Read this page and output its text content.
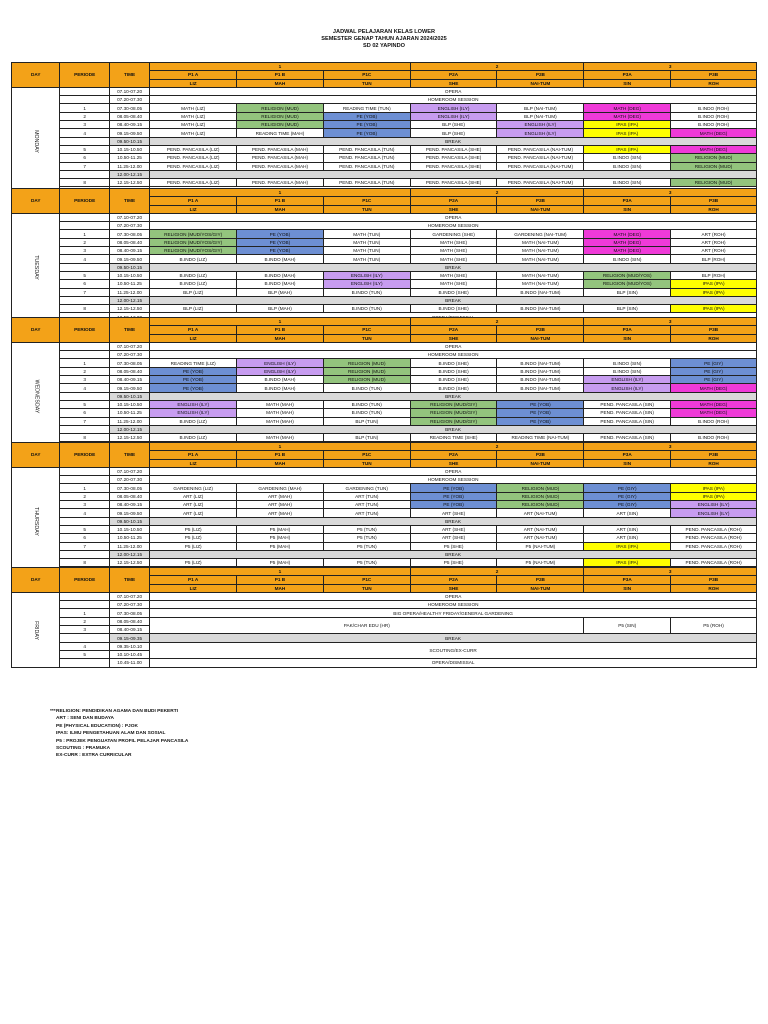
JADWAL PELAJARAN KELAS LOWER
SEMESTER GENAP TAHUN AJARAN 2024/2025
SD 02 YAPINDO
DAY	PERIODE	TIME	1			2		3	
			P1 A	P1 B	P1C	P2A	P2B	P3A	P3B
			LIZ	MAH	TUN	SHE	NAI-TUM	SIN	ROH
MONDAY		07.10-07.20	OPERA						
		07.20-07.30	HOMEROOM SESSION						
	1	07.30-08.05	MATH (LIZ)	RELIGION (MUD)	READING TIME (TUN)	ENGLISH (ILY)	BLP (NAI-TUM)	MATH (DEG)	B.INDO (ROH)
	2	08.05-08.40	MATH (LIZ)	RELIGION (MUD)	PE (YOB)	ENGLISH (ILY)	BLP (NAI-TUM)	MATH (DEG)	B.INDO (ROH)
	3	08.40-09.15	MATH (LIZ)	RELIGION (MUD)	PE (YOB)	BLP (SHE)	ENGLISH (ILY)	IPAS (IPA)	B.INDO (ROH)
	4	09.15-09.50	MATH (LIZ)	READING TIME (MAH)	PE (YOB)	BLP (SHE)	ENGLISH (ILY)	IPAS (IPA)	MATH (DEG)
		09.50-10.15	BREAK						
	5	10.15-10.50	PEND. PANCASILA (LIZ)	PEND. PANCASILA (MAH)	PEND. PANCASILA (TUN)	PEND. PANCASILA (SHE)	PEND. PANCASILA (NAI-TUM)	IPAS (IPA)	MATH (DEG)
	6	10.50-11.25	PEND. PANCASILA (LIZ)	PEND. PANCASILA (MAH)	PEND. PANCASILA (TUN)	PEND. PANCASILA (SHE)	PEND. PANCASILA (NAI-TUM)	B.INDO (SIN)	RELIGION (MUD)
	7	11.25-12.00	PEND. PANCASILA (LIZ)	PEND. PANCASILA (MAH)	PEND. PANCASILA (TUN)	PEND. PANCASILA (SHE)	PEND. PANCASILA (NAI-TUM)	B.INDO (SIN)	RELIGION (MUD)
		12.00-12.15							
	8	12.15-12.50	PEND. PANCASILA (LIZ)	PEND. PANCASILA (MAH)	PEND. PANCASILA (TUN)	PEND. PANCASILA (SHE)	PEND. PANCASILA (NAI-TUM)	B.INDO (SIN)	RELIGION (MUD)

DAY	PERIODE	TIME	1			2		3	
			P1 A	P1 B	P1C	P2A	P2B	P3A	P3B
			LIZ	MAH	TUN	SHE	NAI-TUM	SIN	ROH
TUESDAY		07.10-07.20	OPERA						
		07.20-07.30	HOMEROOM SESSION						
	1	07.30-08.05	RELIGION (MUD/YOS/GIY)	PE (YOB)	MATH (TUN)	GARDENING (SHE)	GARDENING (NAI-TUM)	MATH (DEG)	ART (ROH)
	2	08.05-08.40	RELIGION (MUD/YOS/GIY)	PE (YOB)	MATH (TUN)	MATH (SHE)	MATH (NAI-TUM)	MATH (DEG)	ART (ROH)
	3	08.40-09.15	RELIGION (MUD/YOS/GIY)	PE (YOB)	MATH (TUN)	MATH (SHE)	MATH (NAI-TUM)	MATH (DEG)	ART (ROH)
	4	09.15-09.50	B.INDO (LIZ)	B.INDO (MAH)	MATH (TUN)	MATH (SHE)	MATH (NAI-TUM)	B.INDO (SIN)	BLP (ROH)
		09.50-10.15	BREAK						
	5	10.15-10.50	B.INDO (LIZ)	B.INDO (MAH)	ENGLISH (ILY)	MATH (SHE)	MATH (NAI-TUM)	RELIGION (MUD/YOS)	BLP (ROH)
	6	10.50-11.25	B.INDO (LIZ)	B.INDO (MAH)	ENGLISH (ILY)	MATH (SHE)	MATH (NAI-TUM)	RELIGION (MUD/YOS)	IPAS (IPA)
	7	11.25-12.00	BLP (LIZ)	BLP (MAH)	B.INDO (TUN)	B.INDO (SHE)	B.INDO (NAI-TUM)	BLP (SIN)	IPAS (IPA)
		12.00-12.15	BREAK						
	8	12.15-12.50	BLP (LIZ)	BLP (MAH)	B.INDO (TUN)	B.INDO (SHE)	B.INDO (NAI-TUM)	BLP (SIN)	IPAS (IPA)

DAY	PERIODE	TIME	1			2		3	
			P1 A	P1 B	P1C	P2A	P2B	P3A	P3B
			LIZ	MAH	TUN	SHE	NAI-TUM	SIN	ROH
WEDNESDAY		07.10-07.20	OPERA						
		07.20-07.30	HOMEROOM SESSION						
	1	07.30-08.05	READING TIME (LIZ)	ENGLISH (ILY)	RELIGION (MUD)	B.INDO (SHE)	B.INDO (NAI-TUM)	B.INDO (SIN)	PE (GIY)
	2	08.05-08.40	PE (YOB)	ENGLISH (ILY)	RELIGION (MUD)	B.INDO (SHE)	B.INDO (NAI-TUM)	B.INDO (SIN)	PE (GIY)
	3	08.40-09.15	PE (YOB)	B.INDO (MAH)	RELIGION (MUD)	B.INDO (SHE)	B.INDO (NAI-TUM)	ENGLISH (ILY)	PE (GIY)
	4	09.15-09.50	PE (YOB)	B.INDO (MAH)	B.INDO (TUN)	B.INDO (SHE)	B.INDO (NAI-TUM)	ENGLISH (ILY)	MATH (DEG)
		09.50-10.15	BREAK						
	5	10.15-10.50	ENGLISH (ILY)	MATH (MAH)	B.INDO (TUN)	RELIGION (MUD/GIY)	PE (YOB)	PEND. PANCASILA (SIN)	MATH (DEG)
	6	10.50-11.25	ENGLISH (ILY)	MATH (MAH)	B.INDO (TUN)	RELIGION (MUD/GIY)	PE (YOB)	PEND. PANCASILA (SIN)	MATH (DEG)
	7	11.25-12.00	B.INDO (LIZ)	MATH (MAH)	BLP (TUN)	RELIGION (MUD/GIY)	PE (YOB)	PEND. PANCASILA (SIN)	B.INDO (ROH)
		12.00-12.15	BREAK						
	8	12.15-12.50	B.INDO (LIZ)	MATH (MAH)	BLP (TUN)	READING TIME (SHE)	READING TIME (NAI-TUM)	PEND. PANCASILA (SIN)	B.INDO (ROH)

DAY	PERIODE	TIME	1			2		3	
			P1 A	P1 B	P1C	P2A	P2B	P3A	P3B
			LIZ	MAH	TUN	SHE	NAI-TUM	SIN	ROH
THURSDAY		07.10-07.20	OPERA						
		07.20-07.30	HOMEROOM SESSION						
	1	07.30-08.05	GARDENING (LIZ)	GARDENING (MAH)	GARDENING (TUN)	PE (YOB)	RELIGION (MUD)	PE (GIY)	IPAS (IPA)
	2	08.05-08.40	ART (LIZ)	ART (MAH)	ART (TUN)	PE (YOB)	RELIGION (MUD)	PE (GIY)	IPAS (IPA)
	3	08.40-09.15	ART (LIZ)	ART (MAH)	ART (TUN)	PE (YOB)	RELIGION (MUD)	PE (GIY)	ENGLISH (ILY)
	4	09.15-09.50	ART (LIZ)	ART (MAH)	ART (TUN)	ART (SHE)	ART (NAI-TUM)	ART (SIN)	ENGLISH (ILY)
		09.50-10.15	BREAK						
	5	10.15-10.50	P5 (LIZ)	P5 (MAH)	P5 (TUN)	ART (SHE)	ART (NAI-TUM)	ART (SIN)	PEND. PANCASILA (ROH)
	6	10.50-11.25	P5 (LIZ)	P5 (MAH)	P5 (TUN)	ART (SHE)	ART (NAI-TUM)	ART (SIN)	PEND. PANCASILA (ROH)
	7	11.25-12.00	P5 (LIZ)	P5 (MAH)	P5 (TUN)	P5 (SHE)	P5 (NAI-TUM)	IPAS (IPA)	PEND. PANCASILA (ROH)
		12.00-12.15	BREAK						
	8	12.15-12.50	P5 (LIZ)	P5 (MAH)	P5 (TUN)	P5 (SHE)	P5 (NAI-TUM)	IPAS (IPA)	PEND. PANCASILA (ROH)

DAY	PERIODE	TIME	1			2		3	
			P1 A	P1 B	P1C	P2A	P2B	P3A	P3B
			LIZ	MAH	TUN	SHE	NAI-TUM	SIN	ROH
FRIDAY		07.10-07.20	OPERA						
		07.20-07.30	HOMEROOM SESSION						
	1	07.30-08.05	BIG OPERA/HEALTHY FRIDAY/GENERAL GARDENING						
	2	08.05-08.40	PAK/CHAR EDU (HR)					P5 (SIN)	P5 (ROH)
	3	08.40-09.15							
		09.15-09.35	BREAK						
	4	09.35-10.10	SCOUTING/EX-CURR						
	5	10.10-10.45							
		10.45-11.00	OPERA/DISMISSAL						
*** RELIGION: PENDIDIKAN AGAMA DAN BUDI PEKERTI
ART : SENI DAN BUDAYA
PE (PHYSICAL EDUCATION) : PJOK
IPAS: ILMU PENGETAHUAN ALAM DAN SOSIAL
P5 : PROJEK PENGUATAN PROFIL PELAJAR PANCASILA
SCOUTING : PRAMUKA
EX-CURR : EXTRA CURRICULAR
